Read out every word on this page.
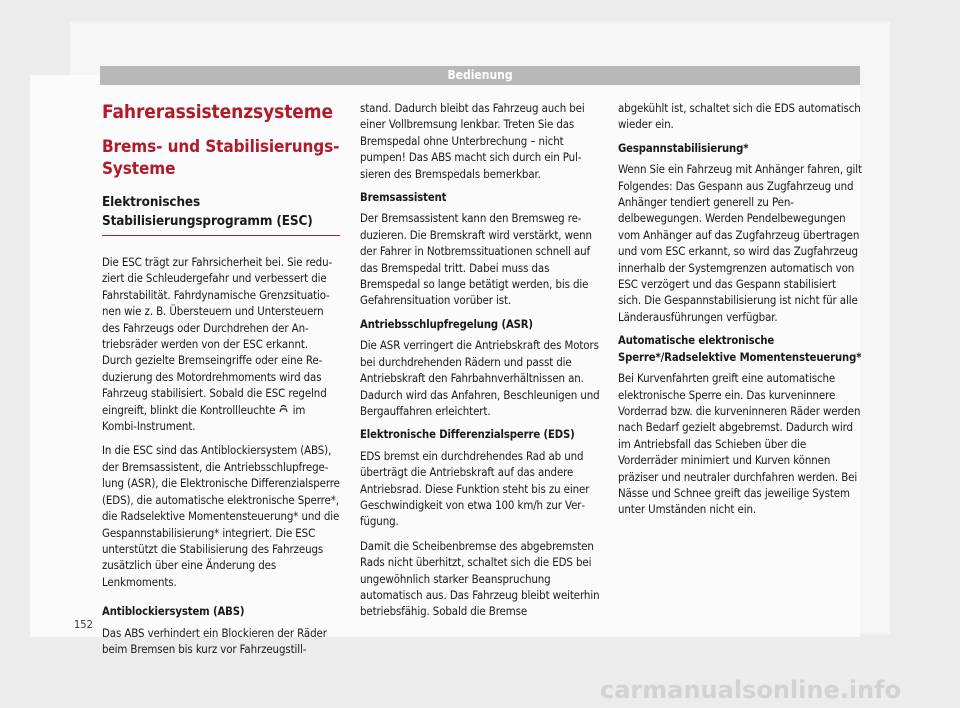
Bedienung
Fahrerassistenzsysteme
Brems- und Stabilisierungs-
Systeme
Elektronisches
Stabilisierungsprogramm (ESC)

Die ESC trägt zur Fahrsicherheit bei. Sie reduziert die Schleudergefahr und verbessert die Fahrstabilität. Fahrdynamische Grenzsituationen wie z. B. Übersteuern und Untersteuern des Fahrzeugs oder Durchdrehen der Antriebsräder werden von der ESC erkannt. Durch gezielte Bremseingriffe oder eine Reduzierung des Motordrehmoments wird das Fahrzeug stabilisiert. Sobald die ESC regelnd eingreift, blinkt die Kontrollleuchte im Kombi-Instrument.

In die ESC sind das Antiblockiersystem (ABS), der Bremsassistent, die Antriebsschlupfregelung (ASR), die Elektronische Differenzialsperre (EDS), die automatische elektronische Sperre*, die Radselektive Momentensteuerung* und die Gespannstabilisierung* integriert. Die ESC unterstützt die Stabilisierung des Fahrzeugs zusätzlich über eine Änderung des Lenkmoments.

Antiblockiersystem (ABS)

Das ABS verhindert ein Blockieren der Räder beim Bremsen bis kurz vor Fahrzeugstill-

stand. Dadurch bleibt das Fahrzeug auch bei einer Vollbremsung lenkbar. Treten Sie das Bremspedal ohne Unterbrechung – nicht pumpen! Das ABS macht sich durch ein Pulsieren des Bremspedals bemerkbar.

Bremsassistent

Der Bremsassistent kann den Bremsweg reduzieren. Die Bremskraft wird verstärkt, wenn der Fahrer in Notbremssituationen schnell auf das Bremspedal tritt. Dabei muss das Bremspedal so lange betätigt werden, bis die Gefahrensituation vorüber ist.

Antriebsschlupfregelung (ASR)

Die ASR verringert die Antriebskraft des Motors bei durchdrehenden Rädern und passt die Antriebskraft den Fahrbahnverhältnissen an. Dadurch wird das Anfahren, Beschleunigen und Bergauffahren erleichtert.

Elektronische Differenzialsperre (EDS)

EDS bremst ein durchdrehendes Rad ab und überträgt die Antriebskraft auf das andere Antriebsrad. Diese Funktion steht bis zu einer Geschwindigkeit von etwa 100 km/h zur Verfügung.

Damit die Scheibenbremse des abgebremsten Rads nicht überhitzt, schaltet sich die EDS bei ungewöhnlich starker Beanspruchung automatisch aus. Das Fahrzeug bleibt weiterhin betriebsfähig. Sobald die Bremse

abgekühlt ist, schaltet sich die EDS automatisch wieder ein.

Gespannstabilisierung*

Wenn Sie ein Fahrzeug mit Anhänger fahren, gilt Folgendes: Das Gespann aus Zugfahrzeug und Anhänger tendiert generell zu Pendelbewegungen. Werden Pendelbewegungen vom Anhänger auf das Zugfahrzeug übertragen und vom ESC erkannt, so wird das Zugfahrzeug innerhalb der Systemgrenzen automatisch von ESC verzögert und das Gespann stabilisiert sich. Die Gespannstabilisierung ist nicht für alle Länderausführungen verfügbar.

Automatische elektronische Sperre*/Radselektive Momentensteuerung*

Bei Kurvenfahrten greift eine automatische elektronische Sperre ein. Das kurveninnere Vorderrad bzw. die kurveninneren Räder werden nach Bedarf gezielt abgebremst. Dadurch wird im Antriebsfall das Schieben über die Vorderräder minimiert und Kurven können präziser und neutraler durchfahren werden. Bei Nässe und Schnee greift das jeweilige System unter Umständen nicht ein.

152
carmanualsonline.info
